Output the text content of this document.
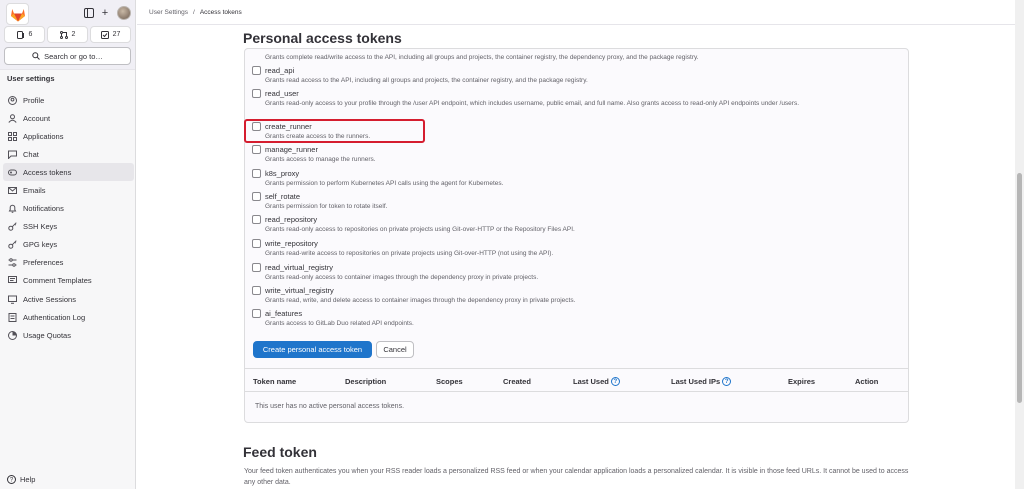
+
6	2	27
Search or go to…
User settings
Profile
Account
Applications
Chat
Access tokens
Emails
Notifications
SSH Keys
GPG keys
Preferences
Comment Templates
Active Sessions
Authentication Log
Usage Quotas
? Help
User Settings / Access tokens
Personal access tokens
Grants complete read/write access to the API, including all groups and projects, the container registry, the dependency proxy, and the package registry.
read_api
Grants read access to the API, including all groups and projects, the container registry, and the package registry.
read_user
Grants read-only access to your profile through the /user API endpoint, which includes username, public email, and full name. Also grants access to read-only API endpoints under /users.
create_runner
Grants create access to the runners.
manage_runner
Grants access to manage the runners.
k8s_proxy
Grants permission to perform Kubernetes API calls using the agent for Kubernetes.
self_rotate
Grants permission for token to rotate itself.
read_repository
Grants read-only access to repositories on private projects using Git-over-HTTP or the Repository Files API.
write_repository
Grants read-write access to repositories on private projects using Git-over-HTTP (not using the API).
read_virtual_registry
Grants read-only access to container images through the dependency proxy in private projects.
write_virtual_registry
Grants read, write, and delete access to container images through the dependency proxy in private projects.
ai_features
Grants access to GitLab Duo related API endpoints.
Create personal access token	Cancel
Token name	Description	Scopes	Created	Last Used ?	Last Used IPs ?	Expires	Action
This user has no active personal access tokens.
Feed token
Your feed token authenticates you when your RSS reader loads a personalized RSS feed or when your calendar application loads a personalized calendar. It is visible in those feed URLs. It cannot be used to access any other data.
